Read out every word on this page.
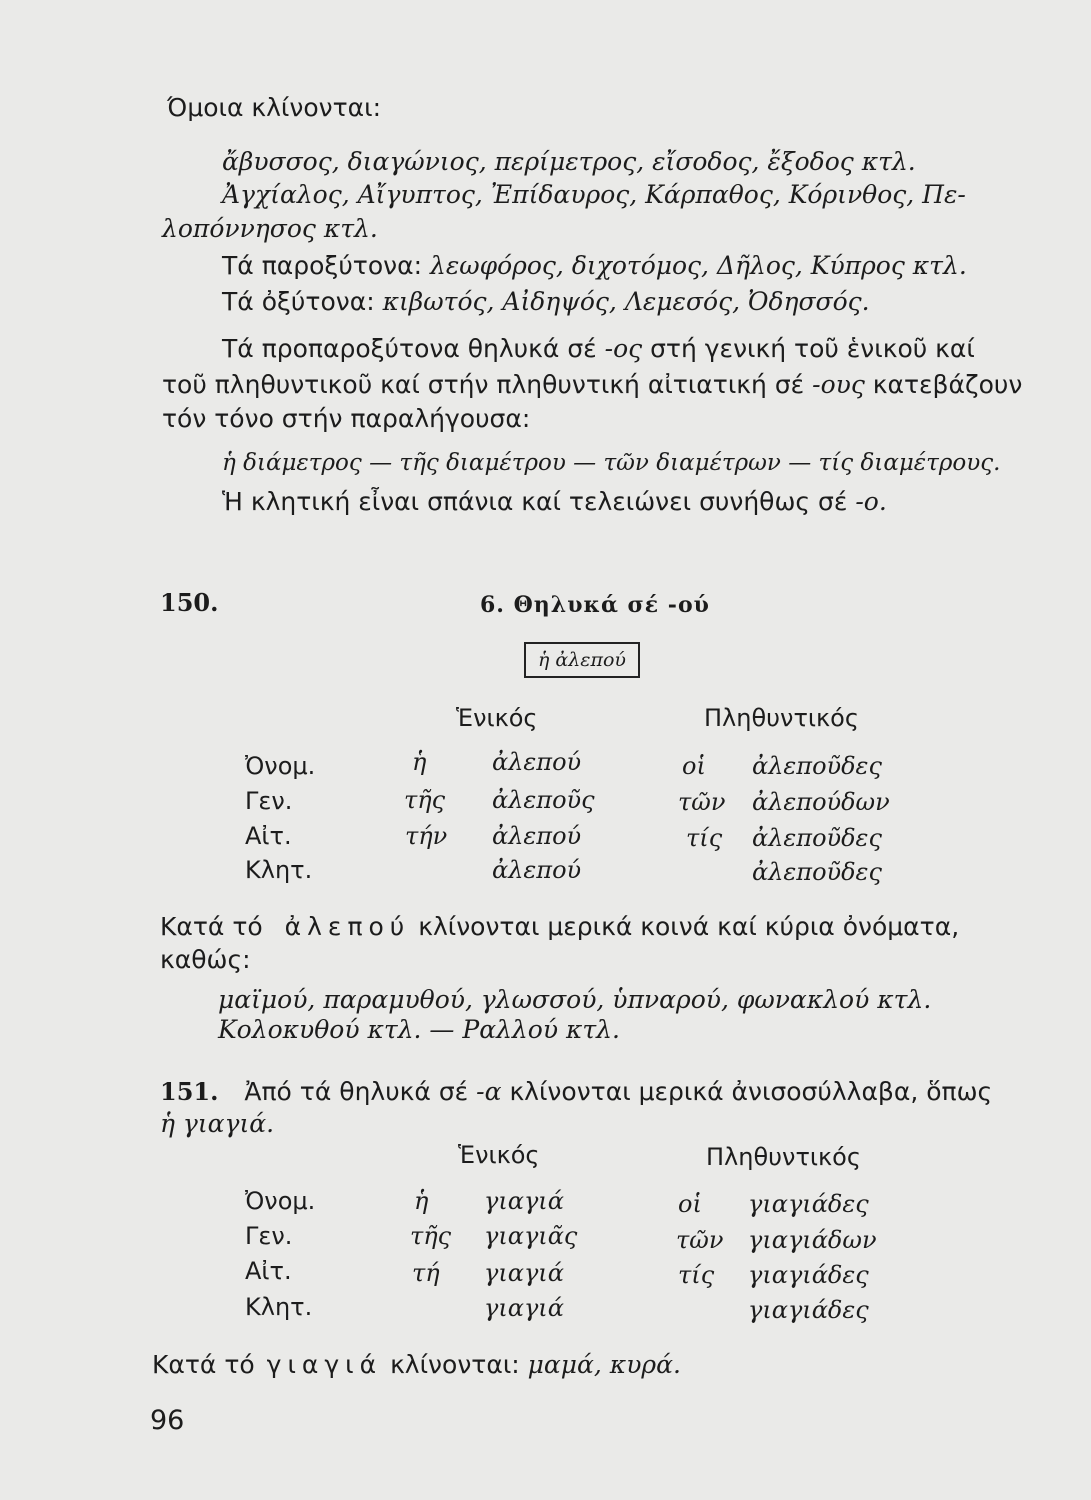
Όμοια κλίνονται:
ἄβυσσος, διαγώνιος, περίμετρος, εἴσοδος, ἔξοδος κτλ.
Ἀγχίαλος, Αἴγυπτος, Ἐπίδαυρος, Κάρπαθος, Κόρινθος, Πε-
λοπόννησος κτλ.
Τά παροξύτονα: λεωφόρος, διχοτόμος, Δῆλος, Κύπρος κτλ.
Τά ὀξύτονα: κιβωτός, Αἰδηψός, Λεμεσός, Ὀδησσός.
Τά προπαροξύτονα θηλυκά σέ -ος στή γενική τοῦ ἑνικοῦ καί
τοῦ πληθυντικοῦ καί στήν πληθυντική αἰτιατική σέ -ους κατεβάζουν
τόν τόνο στήν παραλήγουσα:
ἡ διάμετρος — τῆς διαμέτρου — τῶν διαμέτρων — τίς διαμέτρους.
Ἡ κλητική εἶναι σπάνια καί τελειώνει συνήθως σέ -ο.
150.	6. Θηλυκά σέ -ού
ἡ ἀλεπού
Ἑνικός	Πληθυντικός
Ὀνομ.	ἡ	ἀλεπού	οἱ ἀλεποῦδες
Γεν.	τῆς ἀλεποῦς	τῶν ἀλεπούδων
Αἰτ.	τήν ἀλεπού	τίς ἀλεποῦδες
Κλητ.	ἀλεπού	ἀλεποῦδες
Κατά τό ἀλεπού κλίνονται μερικά κοινά καί κύρια ὀνόματα,
καθώς:
μαϊμού, παραμυθού, γλωσσού, ὑπναρού, φωνακλού κτλ.
Κολοκυθού κτλ. — Ραλλού κτλ.
151. Ἀπό τά θηλυκά σέ -α κλίνονται μερικά ἀνισοσύλλαβα, ὅπως
ἡ γιαγιά.
Ἑνικός	Πληθυντικός
Ὀνομ.	ἡ γιαγιά	οἱ γιαγιάδες
Γεν.	τῆς γιαγιᾶς	τῶν γιαγιάδων
Αἰτ.	τή γιαγιά	τίς γιαγιάδες
Κλητ.	γιαγιά	γιαγιάδες
Κατά τό γιαγιά κλίνονται: μαμά, κυρά.
96
